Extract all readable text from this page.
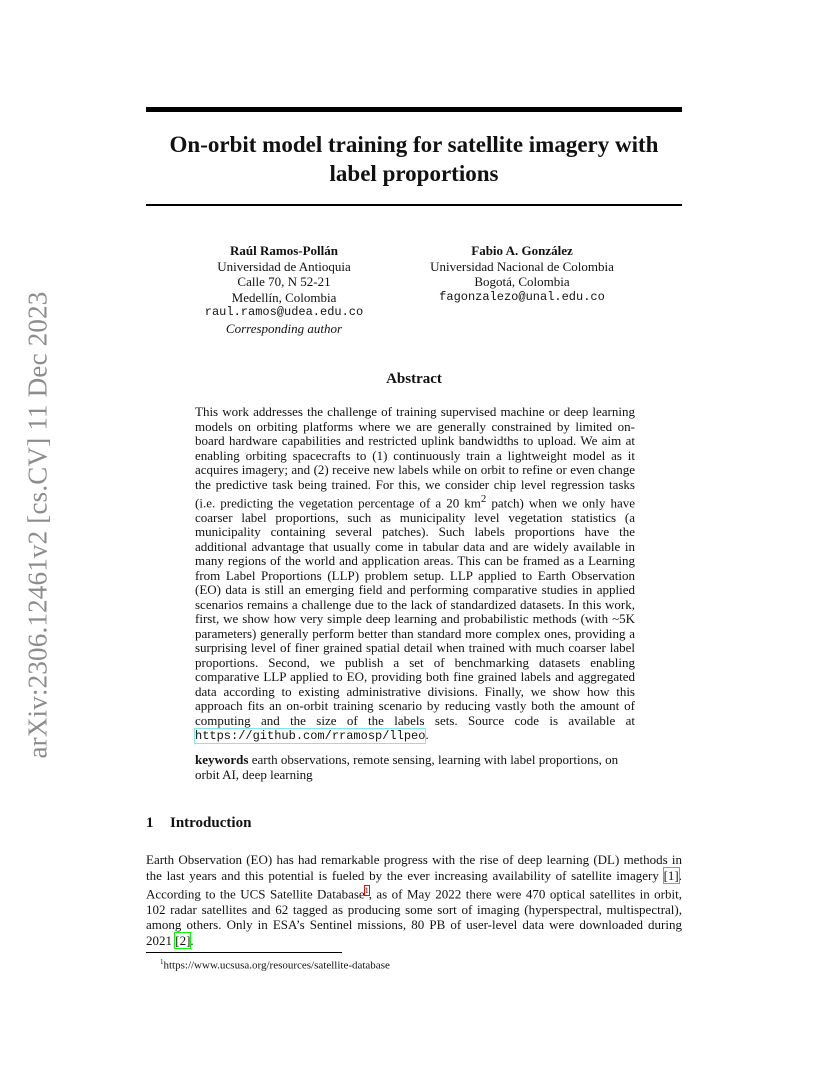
arXiv:2306.12461v2 [cs.CV] 11 Dec 2023
On-orbit model training for satellite imagery with
label proportions
Raúl Ramos-Pollán
Universidad de Antioquia
Calle 70, N 52-21
Medellín, Colombia
raul.ramos@udea.edu.co
Corresponding author
Fabio A. González
Universidad Nacional de Colombia
Bogotá, Colombia
fagonzalezo@unal.edu.co
Abstract
This work addresses the challenge of training supervised machine or deep learning models on orbiting platforms where we are generally constrained by limited on-board hardware capabilities and restricted uplink bandwidths to upload. We aim at enabling orbiting spacecrafts to (1) continuously train a lightweight model as it acquires imagery; and (2) receive new labels while on orbit to refine or even change the predictive task being trained. For this, we consider chip level regression tasks (i.e. predicting the vegetation percentage of a 20 $km^2$ patch) when we only have coarser label proportions, such as municipality level vegetation statistics (a municipality containing several patches). Such labels proportions have the additional advantage that usually come in tabular data and are widely available in many regions of the world and application areas. This can be framed as a Learning from Label Proportions (LLP) problem setup. LLP applied to Earth Observation (EO) data is still an emerging field and performing comparative studies in applied scenarios remains a challenge due to the lack of standardized datasets. In this work, first, we show how very simple deep learning and probabilistic methods (with ~5K parameters) generally perform better than standard more complex ones, providing a surprising level of finer grained spatial detail when trained with much coarser label proportions. Second, we publish a set of benchmarking datasets enabling comparative LLP applied to EO, providing both fine grained labels and aggregated data according to existing administrative divisions. Finally, we show how this approach fits an on-orbit training scenario by reducing vastly both the amount of computing and the size of the labels sets. Source code is available at https://github.com/rramosp/llpeo.
keywords earth observations, remote sensing, learning with label proportions, on orbit AI, deep learning
1 Introduction
Earth Observation (EO) has had remarkable progress with the rise of deep learning (DL) methods in the last years and this potential is fueled by the ever increasing availability of satellite imagery [1]. According to the UCS Satellite Database$^1$, as of May 2022 there were 470 optical satellites in orbit, 102 radar satellites and 62 tagged as producing some sort of imaging (hyperspectral, multispectral), among others. Only in ESA’s Sentinel missions, 80 PB of user-level data were downloaded during 2021 [2].
$^1$https://www.ucsusa.org/resources/satellite-database
